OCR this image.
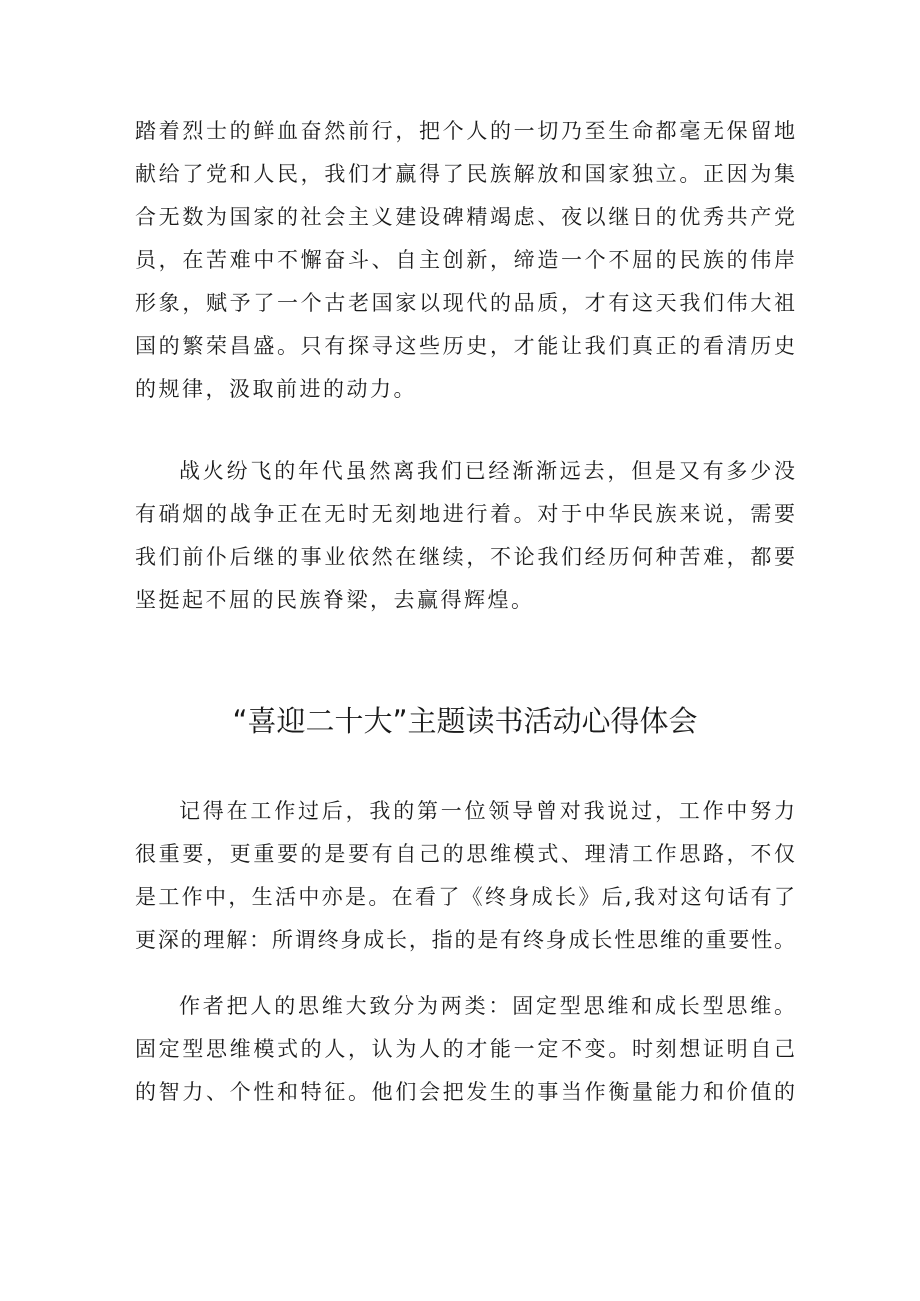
踏着烈士的鲜血奋然前行，把个人的一切乃至生命都毫无保留地
献给了党和人民，我们才赢得了民族解放和国家独立。正因为集
合无数为国家的社会主义建设碑精竭虑、夜以继日的优秀共产党
员，在苦难中不懈奋斗、自主创新，缔造一个不屈的民族的伟岸
形象，赋予了一个古老国家以现代的品质，才有这天我们伟大祖
国的繁荣昌盛。只有探寻这些历史，才能让我们真正的看清历史
的规律，汲取前进的动力。
战火纷飞的年代虽然离我们已经渐渐远去，但是又有多少没
有硝烟的战争正在无时无刻地进行着。对于中华民族来说，需要
我们前仆后继的事业依然在继续，不论我们经历何种苦难，都要
坚挺起不屈的民族脊梁，去赢得辉煌。
“喜迎二十大”主题读书活动心得体会
记得在工作过后，我的第一位领导曾对我说过，工作中努力
很重要，更重要的是要有自己的思维模式、理清工作思路，不仅
是工作中，生活中亦是。在看了《终身成长》后,我对这句话有了
更深的理解：所谓终身成长，指的是有终身成长性思维的重要性。
作者把人的思维大致分为两类：固定型思维和成长型思维。
固定型思维模式的人，认为人的才能一定不变。时刻想证明自己
的智力、个性和特征。他们会把发生的事当作衡量能力和价值的
